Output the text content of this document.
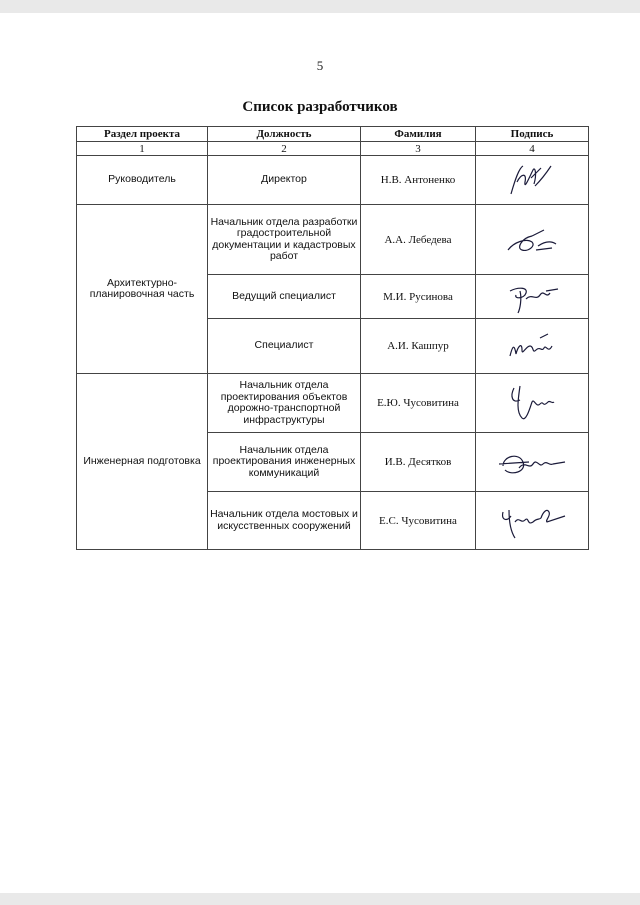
5
Список разработчиков
Раздел проекта	Должность	Фамилия	Подпись
1	2	3	4
Руководитель	Директор	Н.В. Антоненко	

Архитектурно-планировочная часть	Начальник отдела разработки градостроительной документации и кадастровых работ	А.А. Лебедева	

	Ведущий специалист	М.И. Русинова	

	Специалист	А.И. Кашпур	

Инженерная подготовка	Начальник отдела проектирования объектов дорожно-транспортной инфраструктуры	Е.Ю. Чусовитина	

	Начальник отдела проектирования инженерных коммуникаций	И.В. Десятков	

	Начальник отдела мостовых и искусственных сооружений	Е.С. Чусовитина	
